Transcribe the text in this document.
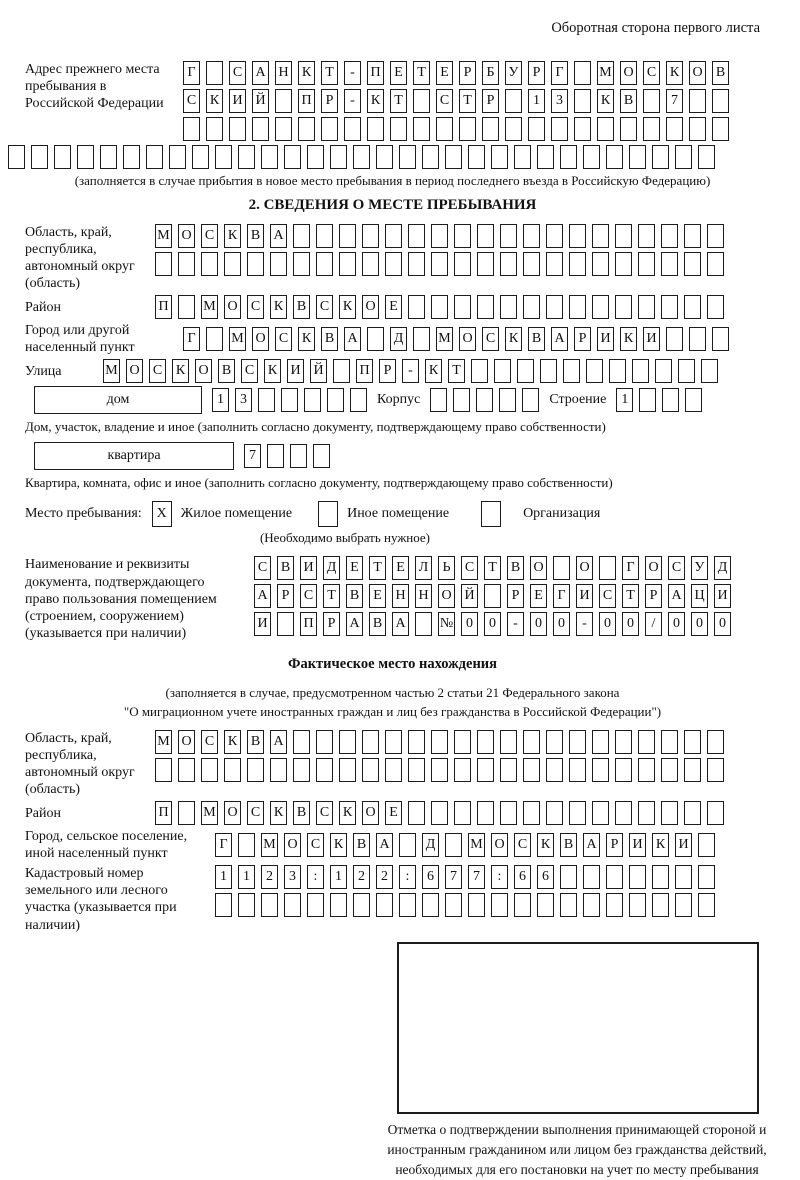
Оборотная сторона первого листа
Адрес прежнего места пребывания в Российской Федерации
Г	С А Н К	Т	-	П Е	Т	Е	Р	Б	У	Р	Г	М О С К О В
С К И Й	П	Р	-	К	Т	С	Т	Р	1	3	К В	7
(заполняется в случае прибытия в новое место пребывания в период последнего въезда в Российскую Федерацию)
2. СВЕДЕНИЯ О МЕСТЕ ПРЕБЫВАНИЯ
Область, край, республика, автономный округ (область)
М О С К В А
Район	П М О С К В С К О Е
Город или другой населенный пункт
Г	М О С К В А	Д М О С К В А	Р	И К И
Улица	М О С К О В С К И Й	П	Р	-	К	Т
дом	1	3	Корпус	Строение	1
Дом, участок, владение и иное (заполнить согласно документу, подтверждающему право собственности)
квартира	7
Квартира, комната, офис и иное (заполнить согласно документу, подтверждающему право собственности)
Место пребывания:	X Жилое помещение	Иное помещение	Организация
(Необходимо выбрать нужное)
Наименование и реквизиты документа, подтверждающего право пользования помещением (строением, сооружением) (указывается при наличии)
С В И Д Е	Т	Е Л	Ь	С	Т	В О	О	Г О С У Д
А	Р	С	Т	В	Е Н Н О Й	Р	Е	Г И С	Т	Р	А Ц И
И	П	Р	А В А № 0	0	-	0	0	-	0	0	/	0	0	0
Фактическое место нахождения
(заполняется в случае, предусмотренном частью 2 статьи 21 Федерального закона
"О миграционном учете иностранных граждан и лиц без гражданства в Российской Федерации")
Область, край, республика, автономный округ (область)
М О С К В А
Район	П М О С К В С К О Е
Город, сельское поселение, иной населенный пункт
Г	М О С К В А	Д М О С К В А	Р	И К И
Кадастровый номер земельного или лесного участка (указывается при наличии)
1	1	2	3	:	1	2	2	:	6	7	7	:	6	6
Отметка о подтверждении выполнения принимающей стороной и иностранным гражданином или лицом без гражданства действий, необходимых для его постановки на учет по месту пребывания
